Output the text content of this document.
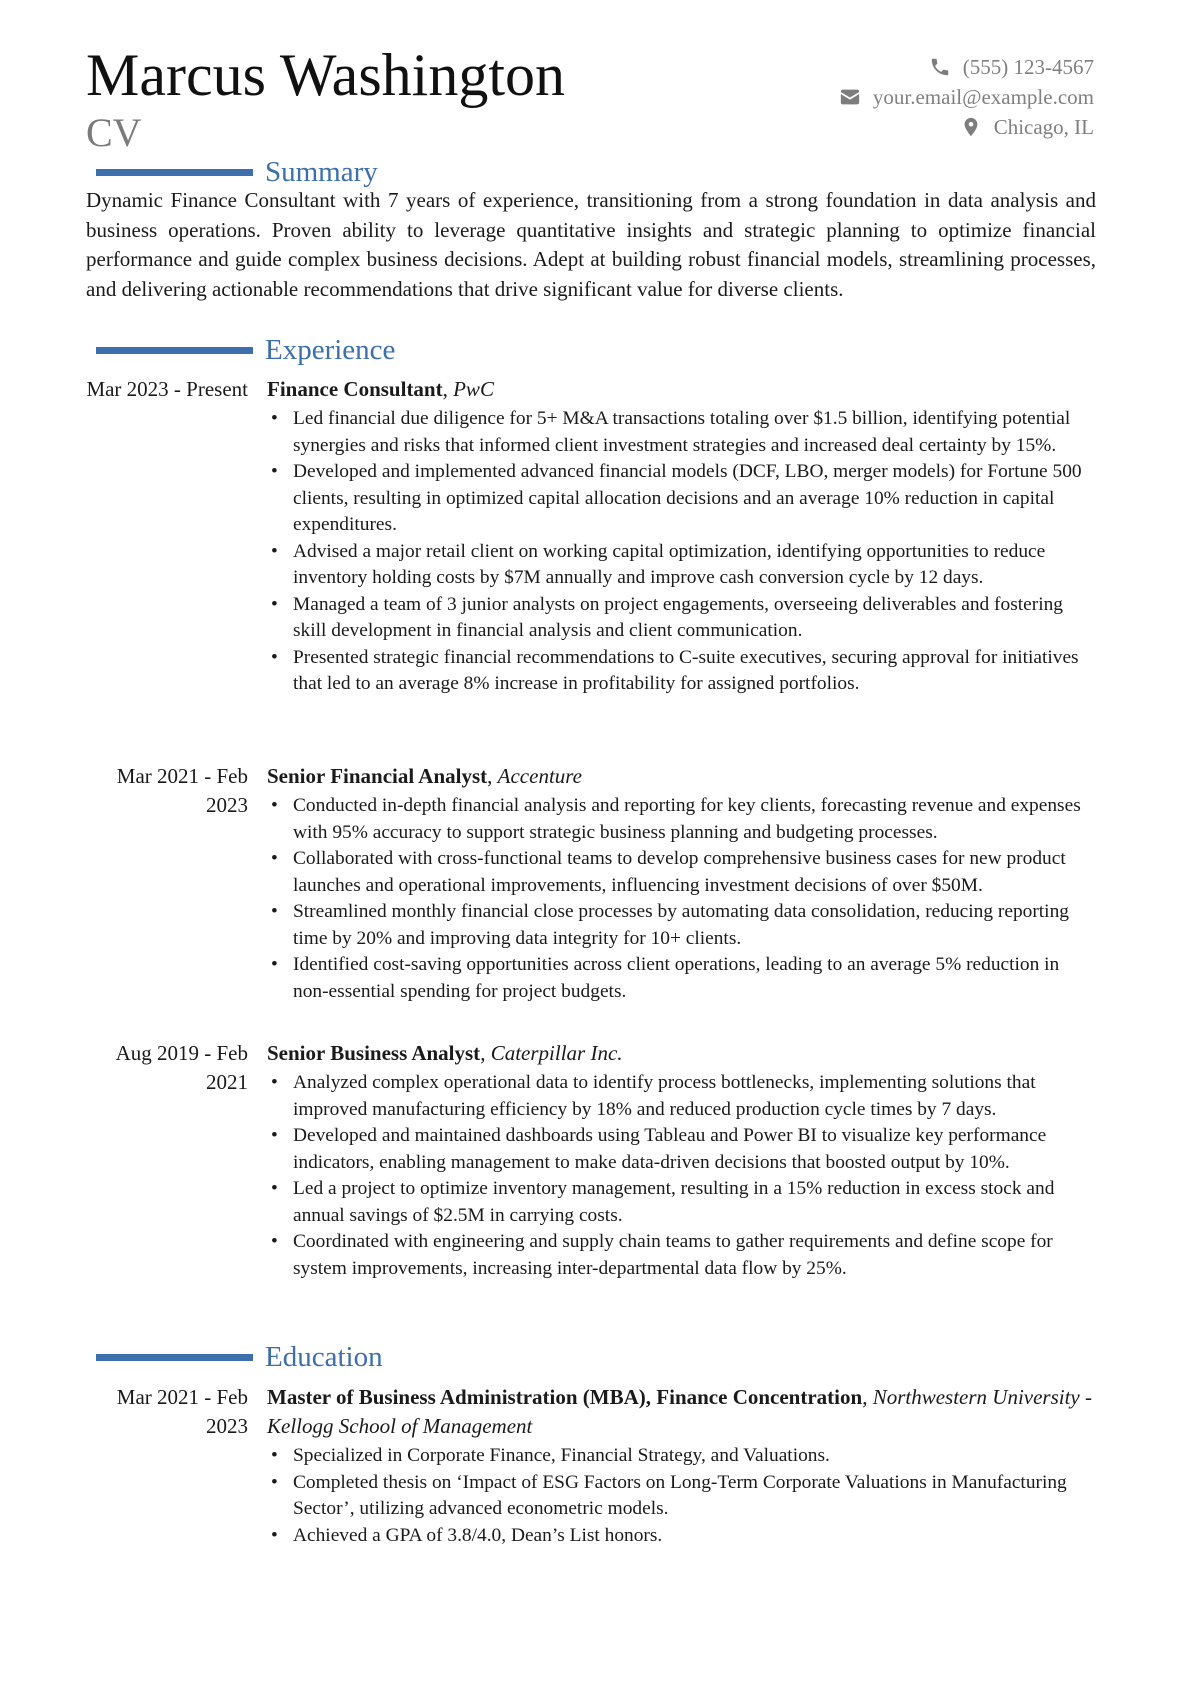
Marcus Washington
CV
(555) 123-4567
your.email@example.com
Chicago, IL
Summary
Dynamic Finance Consultant with 7 years of experience, transitioning from a strong foundation in data analysis and business operations. Proven ability to leverage quantitative insights and strategic planning to optimize financial performance and guide complex business decisions. Adept at building robust financial models, streamlining processes, and delivering actionable recommendations that drive significant value for diverse clients.
Experience
Mar 2023 - Present Finance Consultant, PwC
• Led financial due diligence for 5+ M&A transactions totaling over $1.5 billion, identifying potential synergies and risks that informed client investment strategies and increased deal certainty by 15%.
• Developed and implemented advanced financial models (DCF, LBO, merger models) for Fortune 500 clients, resulting in optimized capital allocation decisions and an average 10% reduction in capital expenditures.
• Advised a major retail client on working capital optimization, identifying opportunities to reduce inventory holding costs by $7M annually and improve cash conversion cycle by 12 days.
• Managed a team of 3 junior analysts on project engagements, overseeing deliverables and fostering skill development in financial analysis and client communication.
• Presented strategic financial recommendations to C-suite executives, securing approval for initiatives that led to an average 8% increase in profitability for assigned portfolios.
Mar 2021 - Feb 2023
Senior Financial Analyst, Accenture
• Conducted in-depth financial analysis and reporting for key clients, forecasting revenue and expenses with 95% accuracy to support strategic business planning and budgeting processes.
• Collaborated with cross-functional teams to develop comprehensive business cases for new product launches and operational improvements, influencing investment decisions of over $50M.
• Streamlined monthly financial close processes by automating data consolidation, reducing reporting time by 20% and improving data integrity for 10+ clients.
• Identified cost-saving opportunities across client operations, leading to an average 5% reduction in non-essential spending for project budgets.
Aug 2019 - Feb 2021
Senior Business Analyst, Caterpillar Inc.
• Analyzed complex operational data to identify process bottlenecks, implementing solutions that improved manufacturing efficiency by 18% and reduced production cycle times by 7 days.
• Developed and maintained dashboards using Tableau and Power BI to visualize key performance indicators, enabling management to make data-driven decisions that boosted output by 10%.
• Led a project to optimize inventory management, resulting in a 15% reduction in excess stock and annual savings of $2.5M in carrying costs.
• Coordinated with engineering and supply chain teams to gather requirements and define scope for system improvements, increasing inter-departmental data flow by 25%.
Education
Mar 2021 - Feb 2023
Master of Business Administration (MBA), Finance Concentration, Northwestern University - Kellogg School of Management
• Specialized in Corporate Finance, Financial Strategy, and Valuations.
• Completed thesis on ‘Impact of ESG Factors on Long-Term Corporate Valuations in Manufacturing Sector’, utilizing advanced econometric models.
• Achieved a GPA of 3.8/4.0, Dean’s List honors.
